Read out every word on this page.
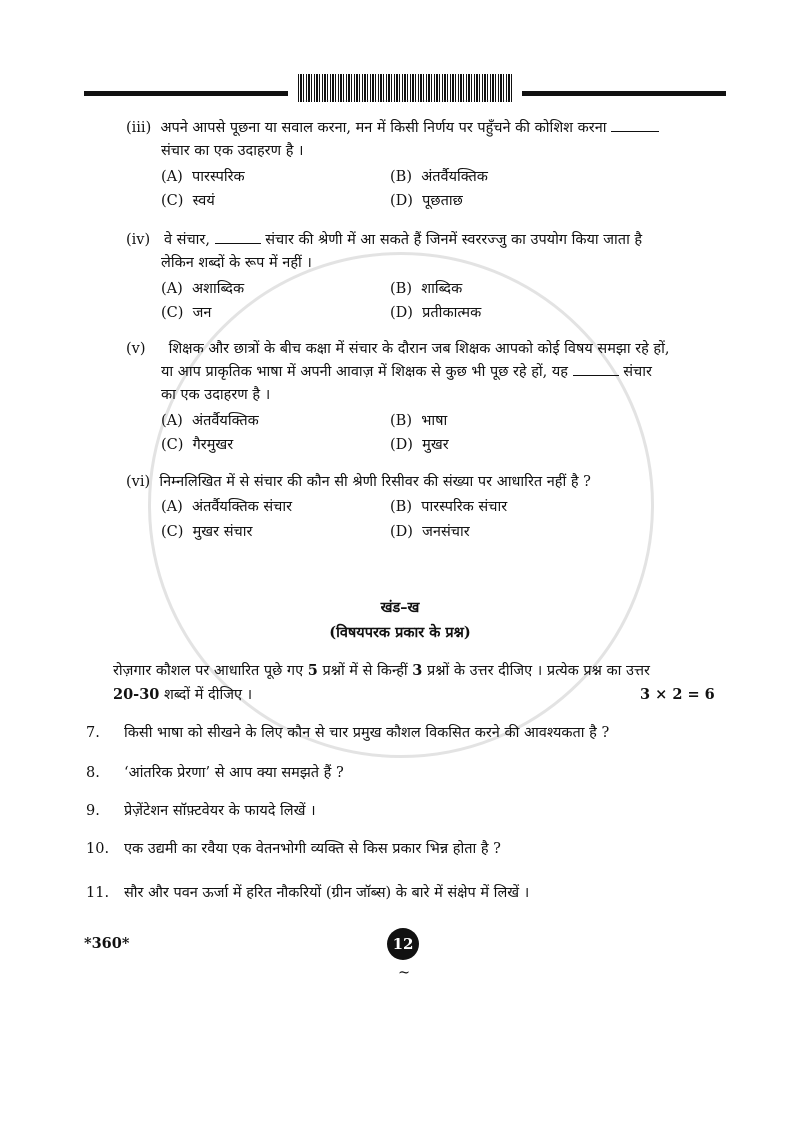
(iii) अपने आपसे पूछना या सवाल करना, मन में किसी निर्णय पर पहुँचने की कोशिश करना
संचार का एक उदाहरण है ।
(A) पारस्परिक	(B) अंतर्वैयक्तिक
(C) स्वयं	(D) पूछताछ
(iv) वे संचार,	संचार की श्रेणी में आ सकते हैं जिनमें स्वररज्जु का उपयोग किया जाता है
लेकिन शब्दों के रूप में नहीं ।
(A) अशाब्दिक	(B) शाब्दिक
(C) जन	(D) प्रतीकात्मक
(v) शिक्षक और छात्रों के बीच कक्षा में संचार के दौरान जब शिक्षक आपको कोई विषय समझा रहे हों,
या आप प्राकृतिक भाषा में अपनी आवाज़ में शिक्षक से कुछ भी पूछ रहे हों, यह	संचार
का एक उदाहरण है ।
(A) अंतर्वैयक्तिक	(B) भाषा
(C) गैरमुखर	(D) मुखर
(vi) निम्नलिखित में से संचार की कौन सी श्रेणी रिसीवर की संख्या पर आधारित नहीं है ?
(A) अंतर्वैयक्तिक संचार	(B) पारस्परिक संचार
(C) मुखर संचार	(D) जनसंचार
खंड–ख
(विषयपरक प्रकार के प्रश्न)
रोज़गार कौशल पर आधारित पूछे गए 5 प्रश्नों में से किन्हीं 3 प्रश्नों के उत्तर दीजिए । प्रत्येक प्रश्न का उत्तर
20-30 शब्दों में दीजिए ।	3 × 2 = 6
7. किसी भाषा को सीखने के लिए कौन से चार प्रमुख कौशल विकसित करने की आवश्यकता है ?
8. ‘आंतरिक प्रेरणा’ से आप क्या समझते हैं ?
9. प्रेज़ेंटेशन सॉफ़्टवेयर के फायदे लिखें ।
10. एक उद्यमी का रवैया एक वेतनभोगी व्यक्ति से किस प्रकार भिन्न होता है ?
11. सौर और पवन ऊर्जा में हरित नौकरियों (ग्रीन जॉब्स) के बारे में संक्षेप में लिखें ।
*360*	12
~
